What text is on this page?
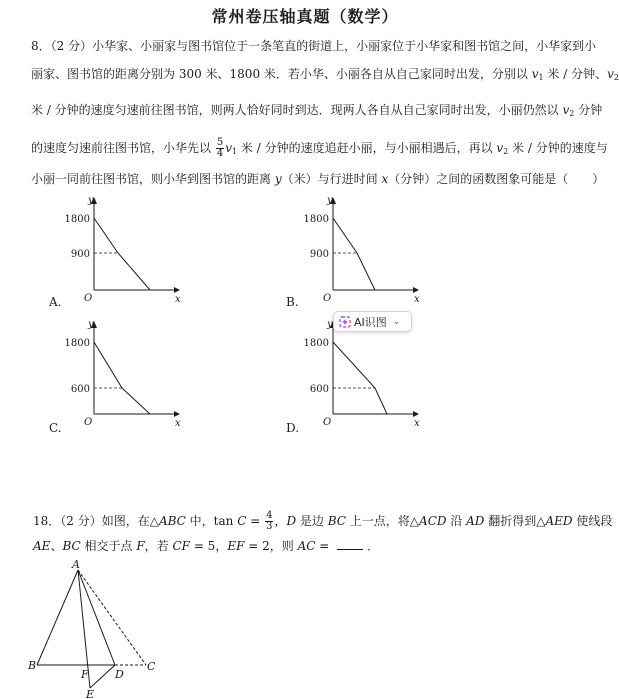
常州卷压轴真题（数学）
8．（2 分）小华家、小丽家与图书馆位于一条笔直的街道上，小丽家位于小华家和图书馆之间，小华家到小
丽家、图书馆的距离分别为 300 米、1800 米．若小华、小丽各自从自己家同时出发，分别以 $v_1$ 米 / 分钟、$v_2$
米 / 分钟的速度匀速前往图书馆，则两人恰好同时到达．现两人各自从自己家同时出发，小丽仍然以 $v_2$ 分钟
的速度匀速前往图书馆，小华先以 $\frac{5}{4} v_1$ 米 / 分钟的速度追赶小丽，与小丽相遇后，再以 $v_2$ 米 / 分钟的速度与
小丽一同前往图书馆，则小华到图书馆的距离 y（米）与行进时间 x（分钟）之间的函数图象可能是（　　）
y
x
O
1800
900
A.
y
x
O
1800
900
B.
y
x
O
1800
600
C.
y
x
O
1800
600
D.
AI识图 ⌄
18．（2 分）如图，在△ABC 中，$\tan C = \frac{4}{3}$ ，D 是边 BC 上一点，将△ACD 沿 AD 翻折得到△AED 使线段
AE、BC 相交于点 F，若 CF = 5，EF = 2，则 AC =	．
A
B	C
D
E
F
